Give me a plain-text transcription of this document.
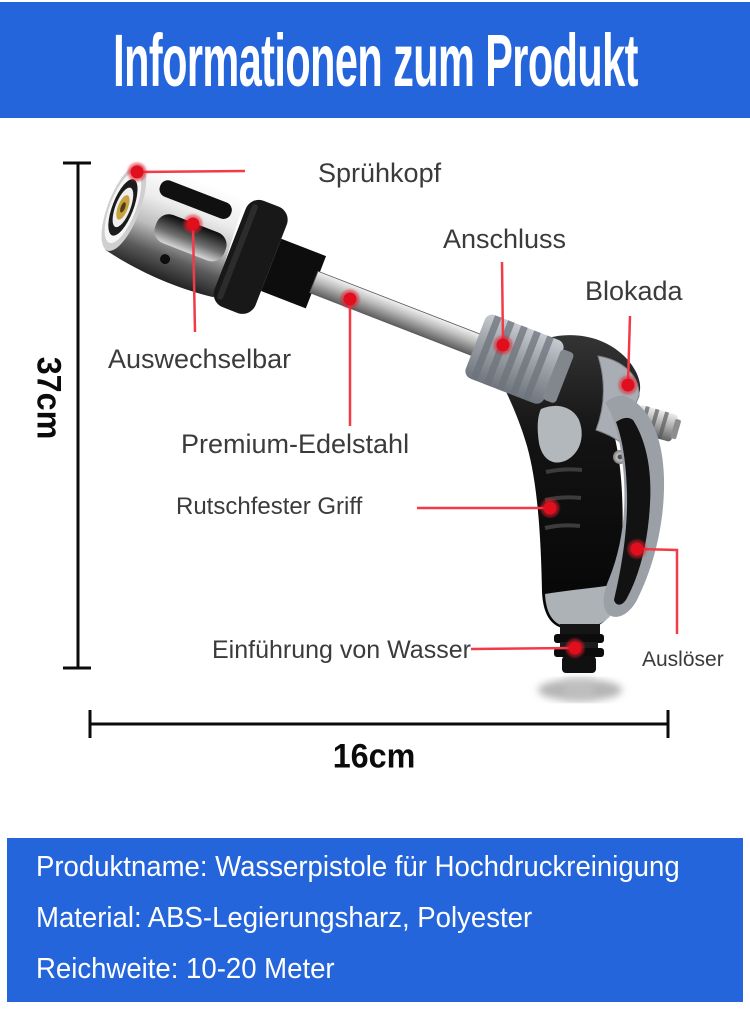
Informationen zum Produkt
Sprühkopf
Anschluss
Blokada
Auswechselbar
Premium-Edelstahl
Rutschfester Griff
Einführung von Wasser	Auslöser
37cm
16cm

Produktname: Wasserpistole für Hochdruckreinigung

Material: ABS-Legierungsharz, Polyester

Reichweite: 10-20 Meter
